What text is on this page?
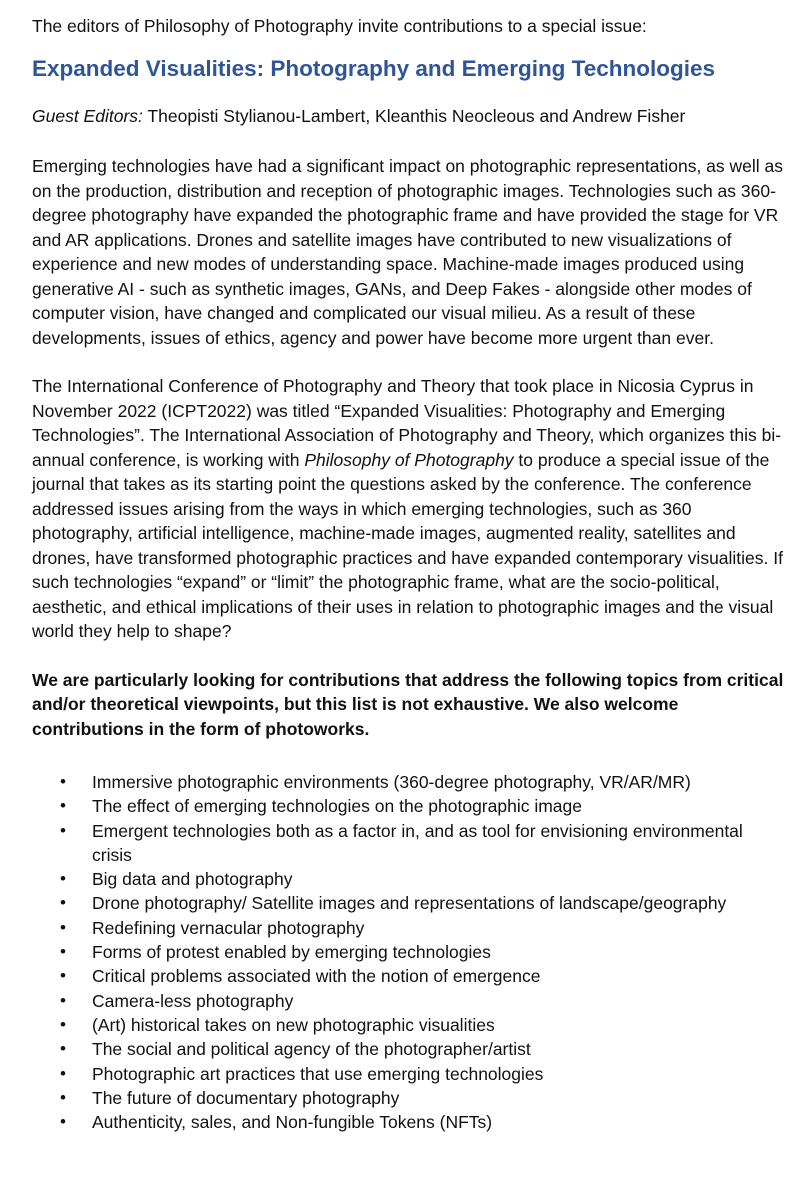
The editors of Philosophy of Photography invite contributions to a special issue:

Expanded Visualities: Photography and Emerging Technologies

Guest Editors: Theopisti Stylianou-Lambert, Kleanthis Neocleous and Andrew Fisher

Emerging technologies have had a significant impact on photographic representations, as well as on the production, distribution and reception of photographic images. Technologies such as 360-degree photography have expanded the photographic frame and have provided the stage for VR and AR applications. Drones and satellite images have contributed to new visualizations of experience and new modes of understanding space. Machine-made images produced using generative AI - such as synthetic images, GANs, and Deep Fakes - alongside other modes of computer vision, have changed and complicated our visual milieu. As a result of these developments, issues of ethics, agency and power have become more urgent than ever.

The International Conference of Photography and Theory that took place in Nicosia Cyprus in November 2022 (ICPT2022) was titled “Expanded Visualities: Photography and Emerging Technologies”. The International Association of Photography and Theory, which organizes this bi-annual conference, is working with Philosophy of Photography to produce a special issue of the journal that takes as its starting point the questions asked by the conference. The conference addressed issues arising from the ways in which emerging technologies, such as 360 photography, artificial intelligence, machine-made images, augmented reality, satellites and drones, have transformed photographic practices and have expanded contemporary visualities. If such technologies “expand” or “limit” the photographic frame, what are the socio-political, aesthetic, and ethical implications of their uses in relation to photographic images and the visual world they help to shape?

We are particularly looking for contributions that address the following topics from critical and/or theoretical viewpoints, but this list is not exhaustive. We also welcome contributions in the form of photoworks.

• Immersive photographic environments (360-degree photography, VR/AR/MR)
• The effect of emerging technologies on the photographic image
• Emergent technologies both as a factor in, and as tool for envisioning environmental crisis
• Big data and photography
• Drone photography/ Satellite images and representations of landscape/geography
• Redefining vernacular photography
• Forms of protest enabled by emerging technologies
• Critical problems associated with the notion of emergence
• Camera-less photography
• (Art) historical takes on new photographic visualities
• The social and political agency of the photographer/artist
• Photographic art practices that use emerging technologies
• The future of documentary photography
• Authenticity, sales, and Non-fungible Tokens (NFTs)
